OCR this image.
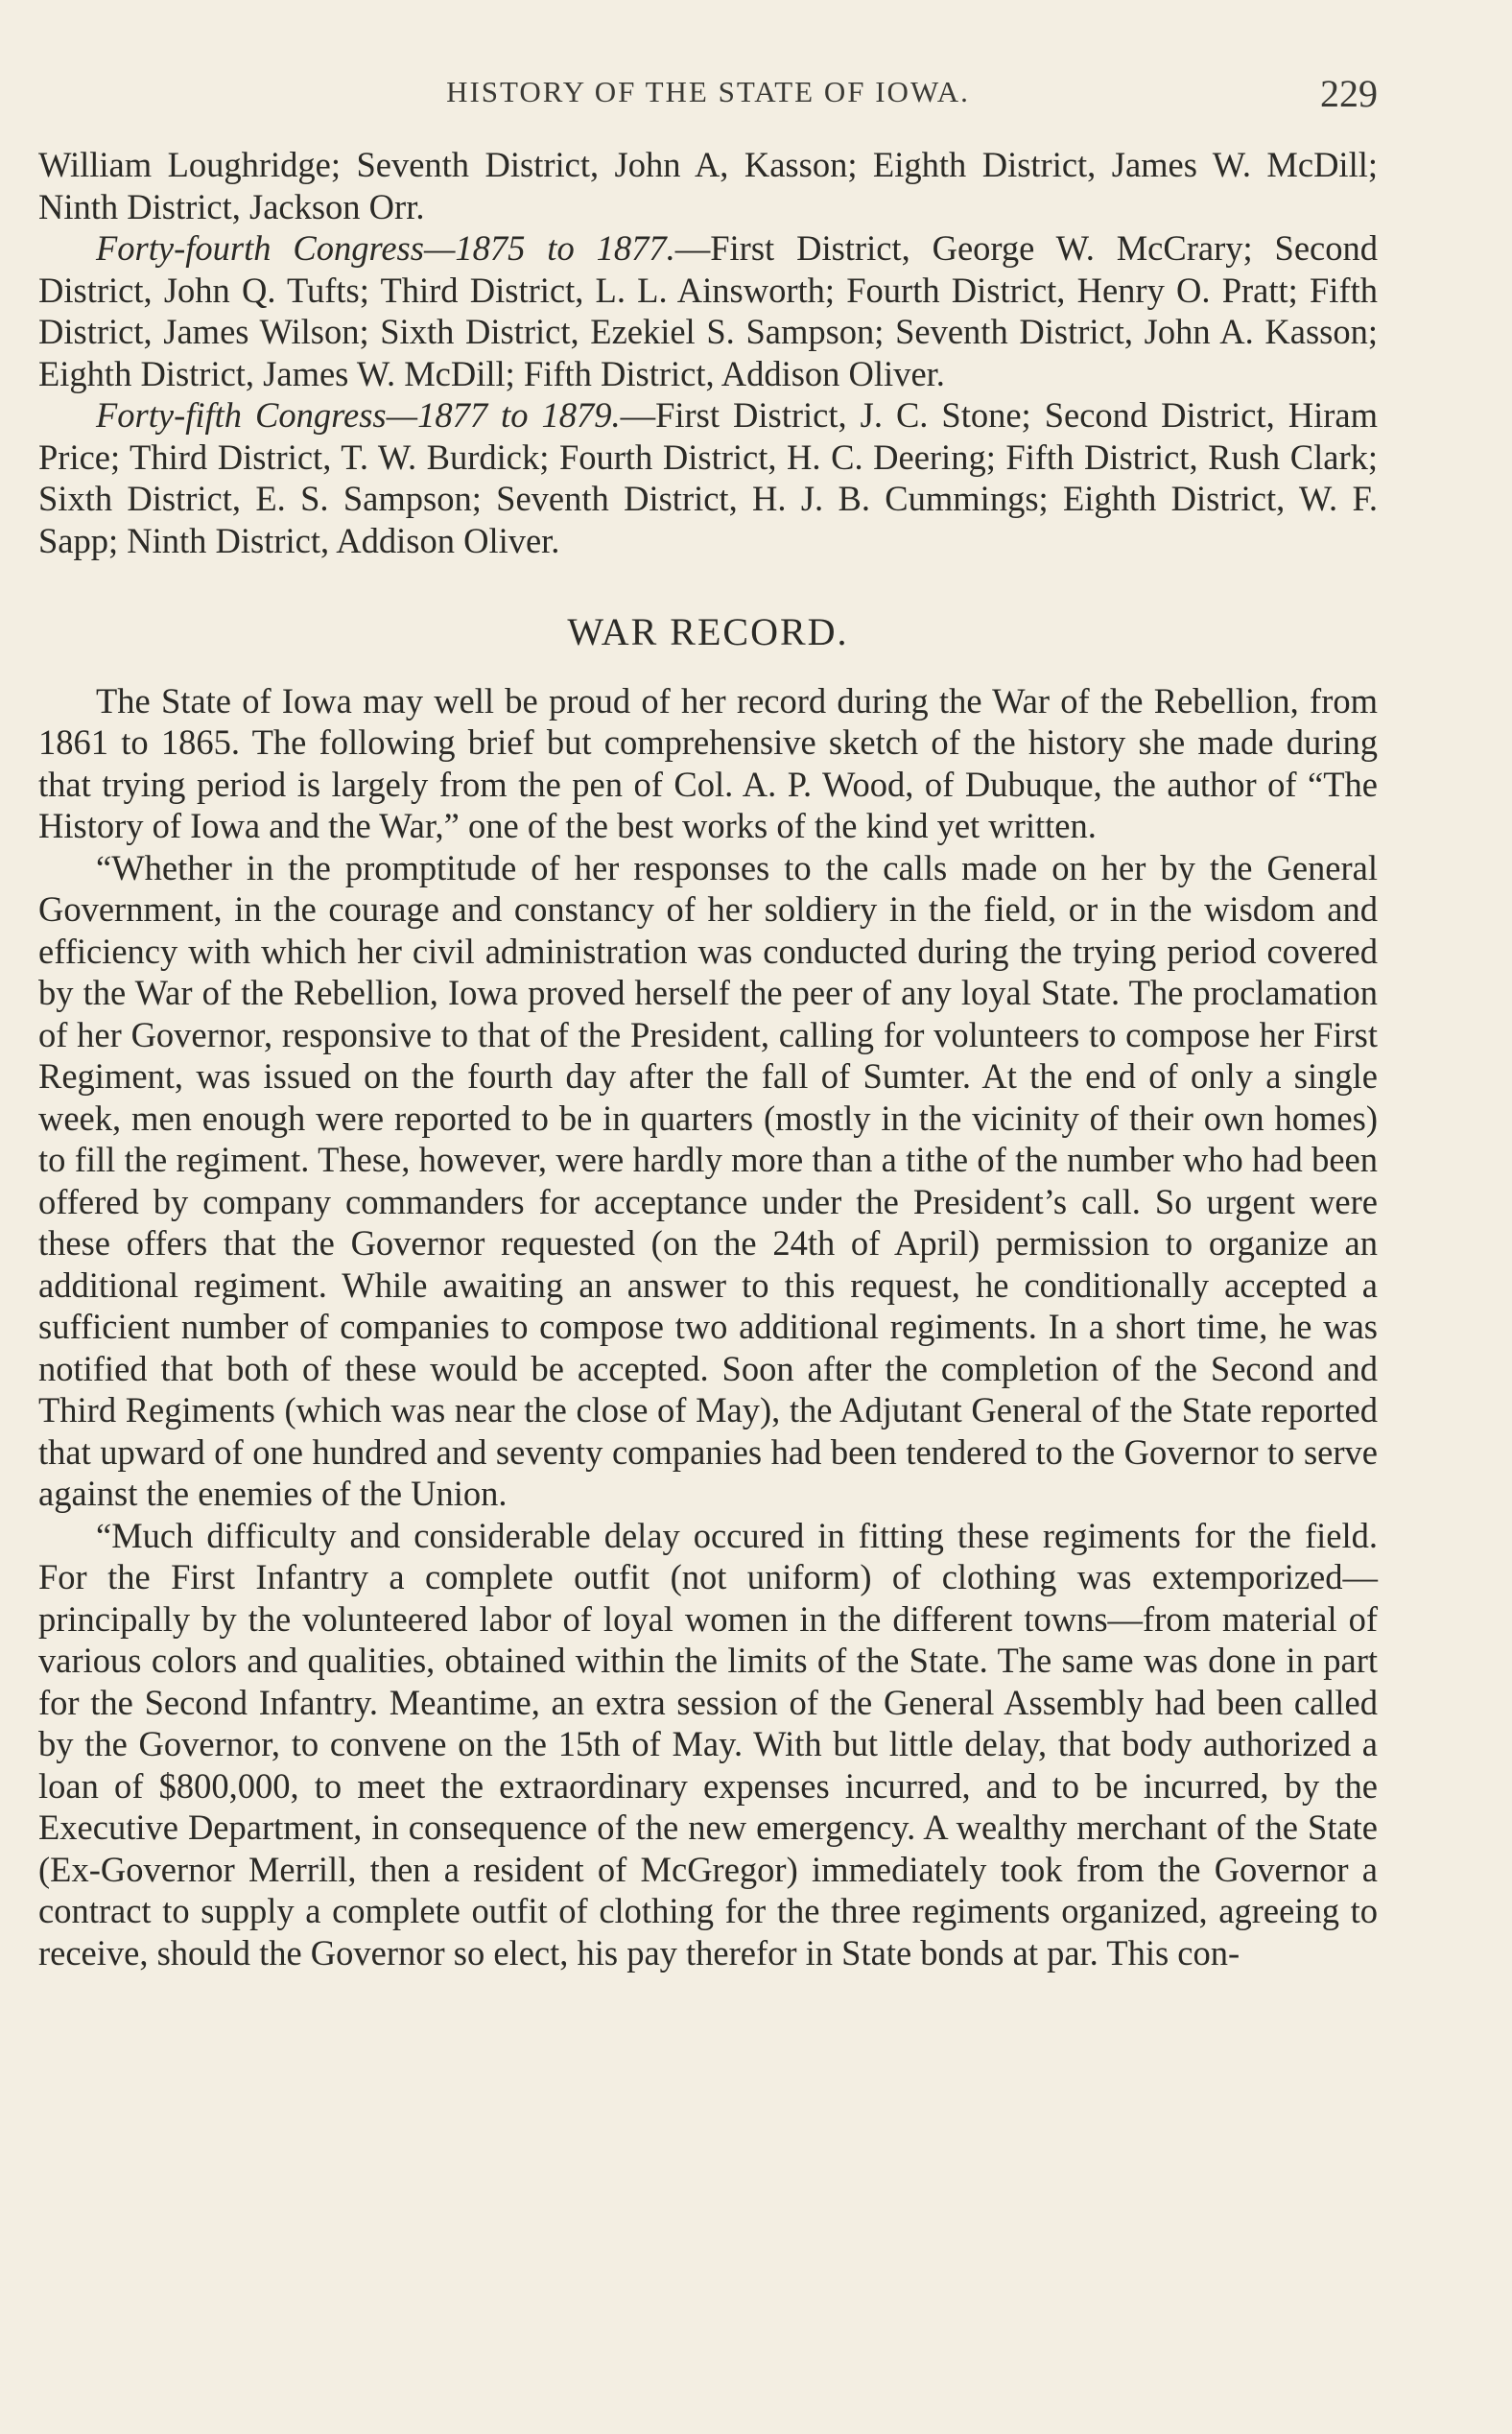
HISTORY OF THE STATE OF IOWA.	229

William Loughridge; Seventh District, John A, Kasson; Eighth District, James W. McDill; Ninth District, Jackson Orr.

Forty-fourth Congress—1875 to 1877.—First District, George W. McCrary; Second District, John Q. Tufts; Third District, L. L. Ainsworth; Fourth District, Henry O. Pratt; Fifth District, James Wilson; Sixth District, Ezekiel S. Sampson; Seventh District, John A. Kasson; Eighth District, James W. McDill; Fifth District, Addison Oliver.

Forty-fifth Congress—1877 to 1879.—First District, J. C. Stone; Second District, Hiram Price; Third District, T. W. Burdick; Fourth District, H. C. Deering; Fifth District, Rush Clark; Sixth District, E. S. Sampson; Seventh District, H. J. B. Cummings; Eighth District, W. F. Sapp; Ninth District, Addison Oliver.

WAR RECORD.

The State of Iowa may well be proud of her record during the War of the Rebellion, from 1861 to 1865. The following brief but comprehensive sketch of the history she made during that trying period is largely from the pen of Col. A. P. Wood, of Dubuque, the author of “The History of Iowa and the War,” one of the best works of the kind yet written.

“Whether in the promptitude of her responses to the calls made on her by the General Government, in the courage and constancy of her soldiery in the field, or in the wisdom and efficiency with which her civil administration was conducted during the trying period covered by the War of the Rebellion, Iowa proved herself the peer of any loyal State. The proclamation of her Governor, responsive to that of the President, calling for volunteers to compose her First Regiment, was issued on the fourth day after the fall of Sumter. At the end of only a single week, men enough were reported to be in quarters (mostly in the vicinity of their own homes) to fill the regiment. These, however, were hardly more than a tithe of the number who had been offered by company commanders for acceptance under the President’s call. So urgent were these offers that the Governor requested (on the 24th of April) permission to organize an additional regiment. While awaiting an answer to this request, he conditionally accepted a sufficient number of companies to compose two additional regiments. In a short time, he was notified that both of these would be accepted. Soon after the completion of the Second and Third Regiments (which was near the close of May), the Adjutant General of the State reported that upward of one hundred and seventy companies had been tendered to the Governor to serve against the enemies of the Union.

“Much difficulty and considerable delay occured in fitting these regiments for the field. For the First Infantry a complete outfit (not uniform) of clothing was extemporized—principally by the volunteered labor of loyal women in the different towns—from material of various colors and qualities, obtained within the limits of the State. The same was done in part for the Second Infantry. Meantime, an extra session of the General Assembly had been called by the Governor, to convene on the 15th of May. With but little delay, that body authorized a loan of $800,000, to meet the extraordinary expenses incurred, and to be incurred, by the Executive Department, in consequence of the new emergency. A wealthy merchant of the State (Ex-Governor Merrill, then a resident of McGregor) immediately took from the Governor a contract to supply a complete outfit of clothing for the three regiments organized, agreeing to receive, should the Governor so elect, his pay therefor in State bonds at par. This con-
